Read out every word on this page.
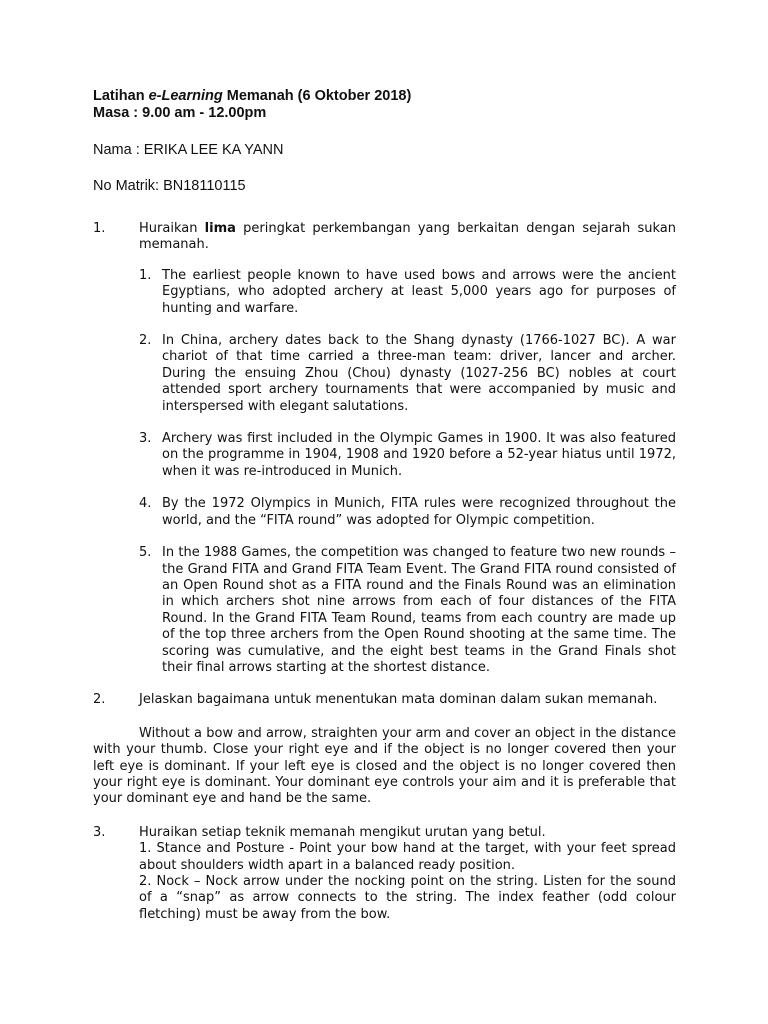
Latihan e-Learning Memanah (6 Oktober 2018)
Masa : 9.00 am - 12.00pm
Nama : ERIKA LEE KA YANN
No Matrik: BN18110115
1.	Huraikan lima peringkat perkembangan yang berkaitan dengan sejarah sukan memanah.
1. The earliest people known to have used bows and arrows were the ancient Egyptians, who adopted archery at least 5,000 years ago for purposes of hunting and warfare.
2. In China, archery dates back to the Shang dynasty (1766-1027 BC). A war chariot of that time carried a three-man team: driver, lancer and archer. During the ensuing Zhou (Chou) dynasty (1027-256 BC) nobles at court attended sport archery tournaments that were accompanied by music and interspersed with elegant salutations.
3. Archery was first included in the Olympic Games in 1900. It was also featured on the programme in 1904, 1908 and 1920 before a 52-year hiatus until 1972, when it was re-introduced in Munich.
4. By the 1972 Olympics in Munich, FITA rules were recognized throughout the world, and the “FITA round” was adopted for Olympic competition.
5. In the 1988 Games, the competition was changed to feature two new rounds – the Grand FITA and Grand FITA Team Event. The Grand FITA round consisted of an Open Round shot as a FITA round and the Finals Round was an elimination in which archers shot nine arrows from each of four distances of the FITA Round. In the Grand FITA Team Round, teams from each country are made up of the top three archers from the Open Round shooting at the same time. The scoring was cumulative, and the eight best teams in the Grand Finals shot their final arrows starting at the shortest distance.
2.	Jelaskan bagaimana untuk menentukan mata dominan dalam sukan memanah.

Without a bow and arrow, straighten your arm and cover an object in the distance with your thumb. Close your right eye and if the object is no longer covered then your left eye is dominant. If your left eye is closed and the object is no longer covered then your right eye is dominant. Your dominant eye controls your aim and it is preferable that your dominant eye and hand be the same.

3.	Huraikan setiap teknik memanah mengikut urutan yang betul.
1. Stance and Posture - Point your bow hand at the target, with your feet spread about shoulders width apart in a balanced ready position.
2. Nock – Nock arrow under the nocking point on the string. Listen for the sound of a “snap” as arrow connects to the string. The index feather (odd colour fletching) must be away from the bow.
